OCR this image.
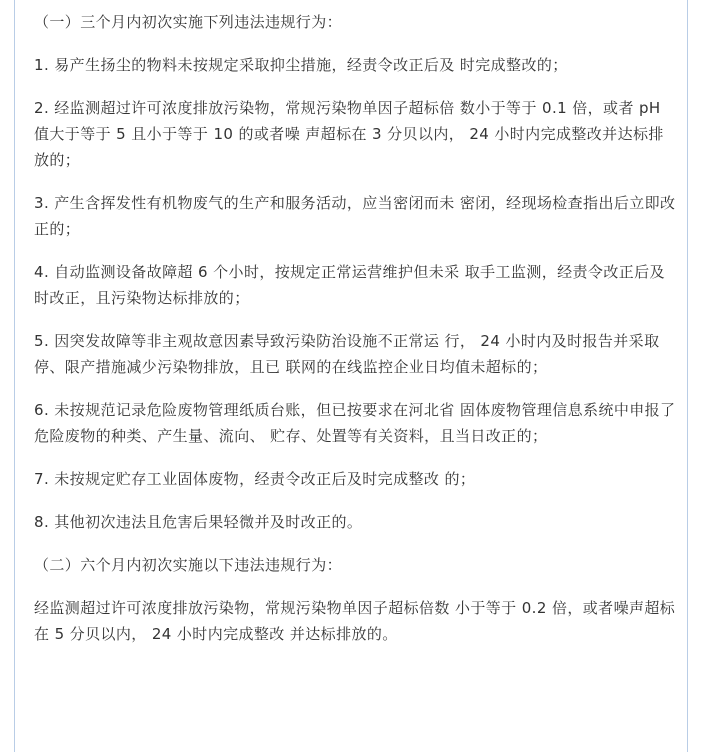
（一）三个月内初次实施下列违法违规行为：

1. 易产生扬尘的物料未按规定采取抑尘措施，经责令改正后及 时完成整改的；

2. 经监测超过许可浓度排放污染物，常规污染物单因子超标倍 数小于等于 0.1 倍，或者 pH 值大于等于 5 且小于等于 10 的或者噪 声超标在 3 分贝以内， 24 小时内完成整改并达标排放的；

3. 产生含挥发性有机物废气的生产和服务活动，应当密闭而未 密闭，经现场检查指出后立即改正的；

4. 自动监测设备故障超 6 个小时，按规定正常运营维护但未采 取手工监测，经责令改正后及时改正，且污染物达标排放的；

5. 因突发故障等非主观故意因素导致污染防治设施不正常运 行， 24 小时内及时报告并采取停、限产措施减少污染物排放，且已 联网的在线监控企业日均值未超标的；

6. 未按规范记录危险废物管理纸质台账，但已按要求在河北省 固体废物管理信息系统中申报了危险废物的种类、产生量、流向、 贮存、处置等有关资料，且当日改正的；

7. 未按规定贮存工业固体废物，经责令改正后及时完成整改 的；

8. 其他初次违法且危害后果轻微并及时改正的。

（二）六个月内初次实施以下违法违规行为：

经监测超过许可浓度排放污染物，常规污染物单因子超标倍数 小于等于 0.2 倍，或者噪声超标在 5 分贝以内， 24 小时内完成整改 并达标排放的。
